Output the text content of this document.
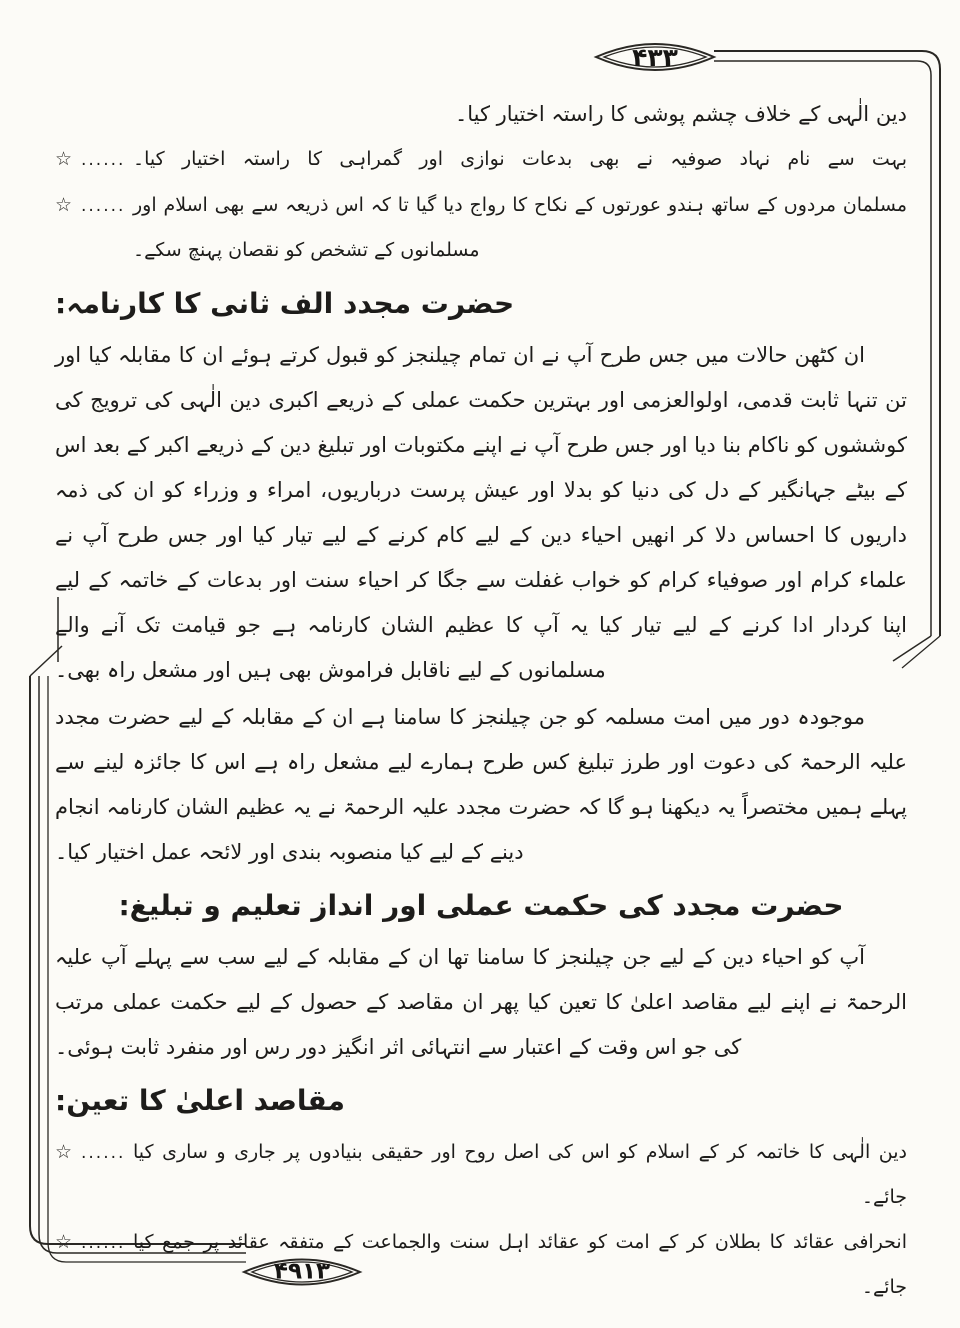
۴۳۳
۴۹۱۳
دین الٰہی کے خلاف چشم پوشی کا راستہ اختیار کیا۔
☆ ...... بہت سے نام نہاد صوفیہ نے بھی بدعات نوازی اور گمراہی کا راستہ اختیار کیا۔
☆ ...... مسلمان مردوں کے ساتھ ہندو عورتوں کے نکاح کا رواج دیا گیا تا کہ اس ذریعہ سے بھی اسلام اور مسلمانوں کے تشخص کو نقصان پہنچ سکے۔
حضرت مجدد الف ثانی کا کارنامہ:
ان کٹھن حالات میں جس طرح آپ نے ان تمام چیلنجز کو قبول کرتے ہوئے ان کا مقابلہ کیا اور تن تنہا ثابت قدمی، اولوالعزمی اور بہترین حکمت عملی کے ذریعے اکبری دین الٰہی کی ترویج کی کوششوں کو ناکام بنا دیا اور جس طرح آپ نے اپنے مکتوبات اور تبلیغ دین کے ذریعے اکبر کے بعد اس کے بیٹے جہانگیر کے دل کی دنیا کو بدلا اور عیش پرست درباریوں، امراء و وزراء کو ان کی ذمہ داریوں کا احساس دلا کر انھیں احیاء دین کے لیے کام کرنے کے لیے تیار کیا اور جس طرح آپ نے علماء کرام اور صوفیاء کرام کو خواب غفلت سے جگا کر احیاء سنت اور بدعات کے خاتمہ کے لیے اپنا کردار ادا کرنے کے لیے تیار کیا یہ آپ کا عظیم الشان کارنامہ ہے جو قیامت تک آنے والے مسلمانوں کے لیے ناقابل فراموش بھی ہیں اور مشعل راہ بھی۔
موجودہ دور میں امت مسلمہ کو جن چیلنجز کا سامنا ہے ان کے مقابلہ کے لیے حضرت مجدد علیہ الرحمۃ کی دعوت اور طرز تبلیغ کس طرح ہمارے لیے مشعل راہ ہے اس کا جائزہ لینے سے پہلے ہمیں مختصراً یہ دیکھنا ہو گا کہ حضرت مجدد علیہ الرحمۃ نے یہ عظیم الشان کارنامہ انجام دینے کے لیے کیا منصوبہ بندی اور لائحہ عمل اختیار کیا۔
حضرت مجدد کی حکمت عملی اور انداز تعلیم و تبلیغ:
آپ کو احیاء دین کے لیے جن چیلنجز کا سامنا تھا ان کے مقابلہ کے لیے سب سے پہلے آپ علیہ الرحمۃ نے اپنے لیے مقاصد اعلیٰ کا تعین کیا پھر ان مقاصد کے حصول کے لیے حکمت عملی مرتب کی جو اس وقت کے اعتبار سے انتہائی اثر انگیز دور رس اور منفرد ثابت ہوئی۔
مقاصد اعلیٰ کا تعین:
☆ ...... دین الٰہی کا خاتمہ کر کے اسلام کو اس کی اصل روح اور حقیقی بنیادوں پر جاری و ساری کیا جائے۔
☆ ...... انحرافی عقائد کا بطلان کر کے امت کو عقائد اہل سنت والجماعت کے متفقہ عقائد پر جمع کیا جائے۔
